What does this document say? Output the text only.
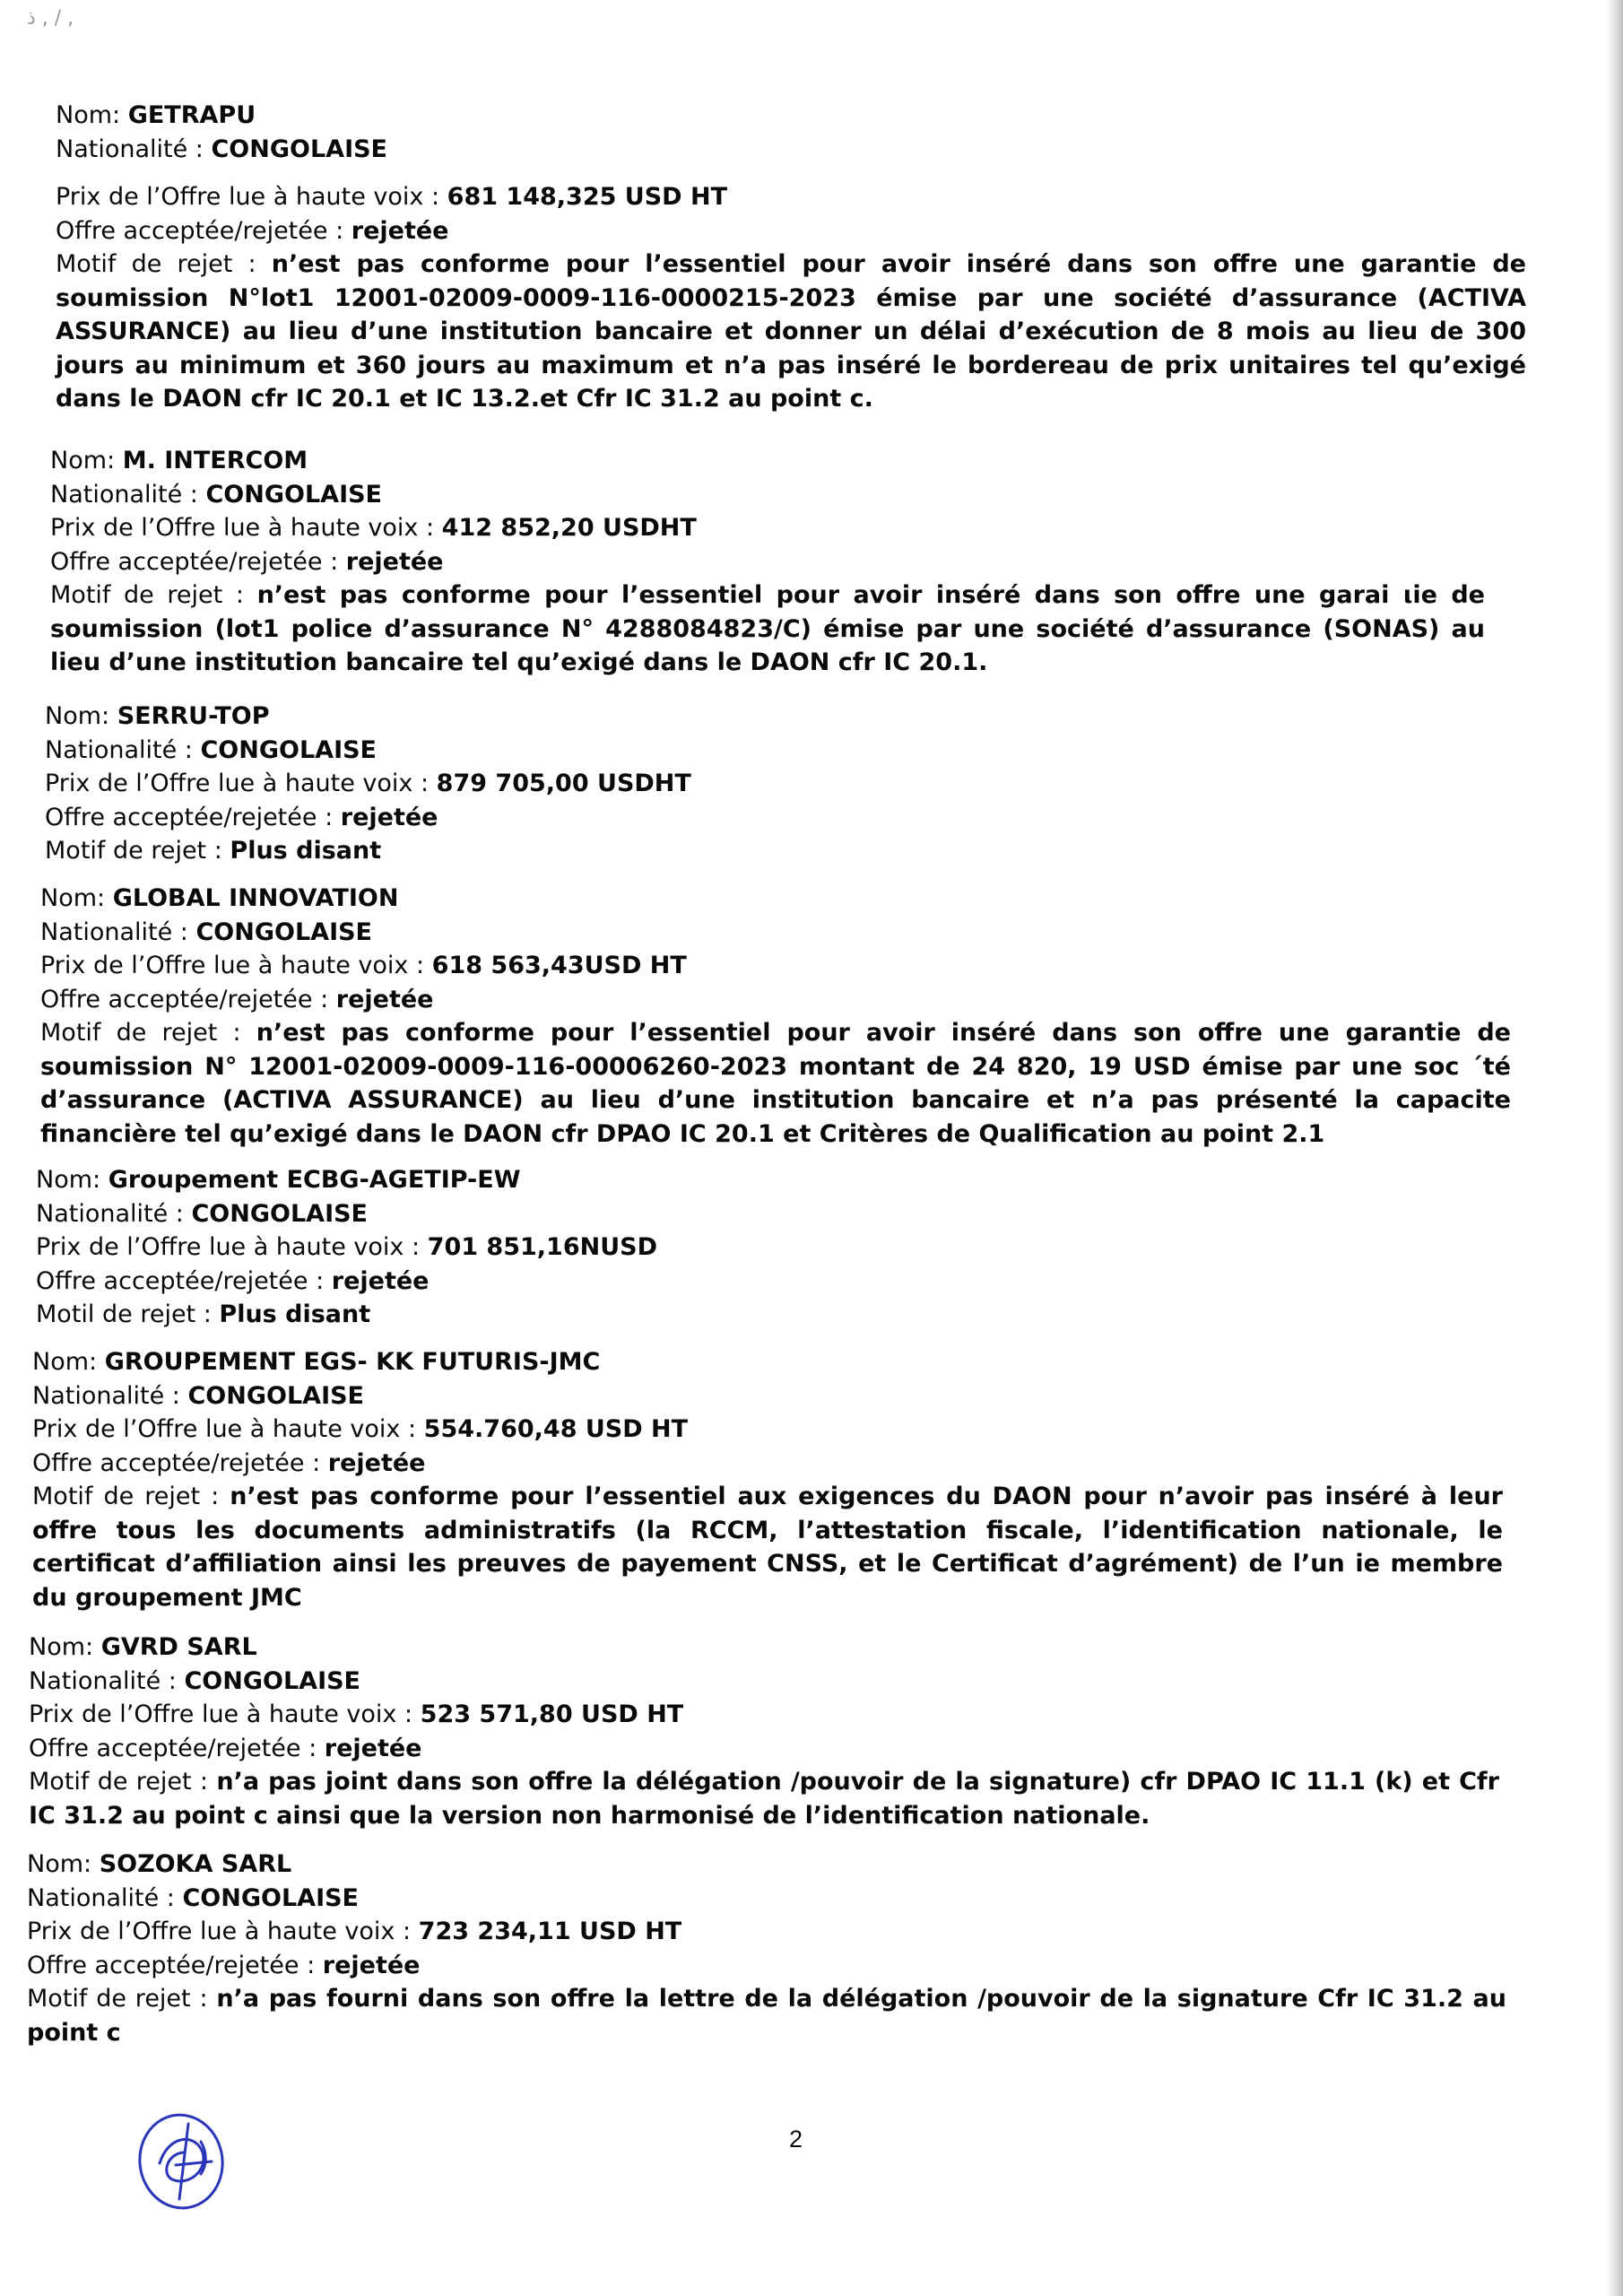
ذ , / ,
Nom: GETRAPU
Nationalité : CONGOLAISE
Prix de l’Offre lue à haute voix : 681 148,325 USD HT
Offre acceptée/rejetée : rejetée
Motif de rejet : n’est pas conforme pour l’essentiel pour avoir inséré dans son offre une garantie de soumission N°lot1 12001-02009-0009-116-0000215-2023 émise par une société d’assurance (ACTIVA ASSURANCE) au lieu d’une institution bancaire et donner un délai d’exécution de 8 mois au lieu de 300 jours au minimum et 360 jours au maximum et n’a pas inséré le bordereau de prix unitaires tel qu’exigé dans le DAON cfr IC 20.1 et IC 13.2.et Cfr IC 31.2 au point c.
Nom: M. INTERCOM
Nationalité : CONGOLAISE
Prix de l’Offre lue à haute voix : 412 852,20 USDHT
Offre acceptée/rejetée : rejetée
Motif de rejet : n’est pas conforme pour l’essentiel pour avoir inséré dans son offre une garai ιie de soumission (lot1 police d’assurance N° 4288084823/C) émise par une société d’assurance (SONAS) au lieu d’une institution bancaire tel qu’exigé dans le DAON cfr IC 20.1.
Nom: SERRU-TOP
Nationalité : CONGOLAISE
Prix de l’Offre lue à haute voix : 879 705,00 USDHT
Offre acceptée/rejetée : rejetée
Motif de rejet : Plus disant
Nom: GLOBAL INNOVATION
Nationalité : CONGOLAISE
Prix de l’Offre lue à haute voix : 618 563,43USD HT
Offre acceptée/rejetée : rejetée
Motif de rejet : n’est pas conforme pour l’essentiel pour avoir inséré dans son offre une garantie de soumission N° 12001-02009-0009-116-00006260-2023 montant de 24 820, 19 USD émise par une soc ´té d’assurance (ACTIVA ASSURANCE) au lieu d’une institution bancaire et n’a pas présenté la capacite financière tel qu’exigé dans le DAON cfr DPAO IC 20.1 et Critères de Qualification au point 2.1
Nom: Groupement ECBG-AGETIP-EW
Nationalité : CONGOLAISE
Prix de l’Offre lue à haute voix : 701 851,16NUSD
Offre acceptée/rejetée : rejetée
Motil de rejet : Plus disant
Nom: GROUPEMENT EGS- KK FUTURIS-JMC
Nationalité : CONGOLAISE
Prix de l’Offre lue à haute voix : 554.760,48 USD HT
Offre acceptée/rejetée : rejetée
Motif de rejet : n’est pas conforme pour l’essentiel aux exigences du DAON pour n’avoir pas inséré à leur offre tous les documents administratifs (la RCCM, l’attestation fiscale, l’identification nationale, le certificat d’affiliation ainsi les preuves de payement CNSS, et le Certificat d’agrément) de l’un ie membre du groupement JMC
Nom: GVRD SARL
Nationalité : CONGOLAISE
Prix de l’Offre lue à haute voix : 523 571,80 USD HT
Offre acceptée/rejetée : rejetée
Motif de rejet : n’a pas joint dans son offre la délégation /pouvoir de la signature) cfr DPAO IC 11.1 (k) et Cfr IC 31.2 au point c ainsi que la version non harmonisé de l’identification nationale.
Nom: SOZOKA SARL
Nationalité : CONGOLAISE
Prix de l’Offre lue à haute voix : 723 234,11 USD HT
Offre acceptée/rejetée : rejetée
Motif de rejet : n’a pas fourni dans son offre la lettre de la délégation /pouvoir de la signature Cfr IC 31.2 au point c
2
